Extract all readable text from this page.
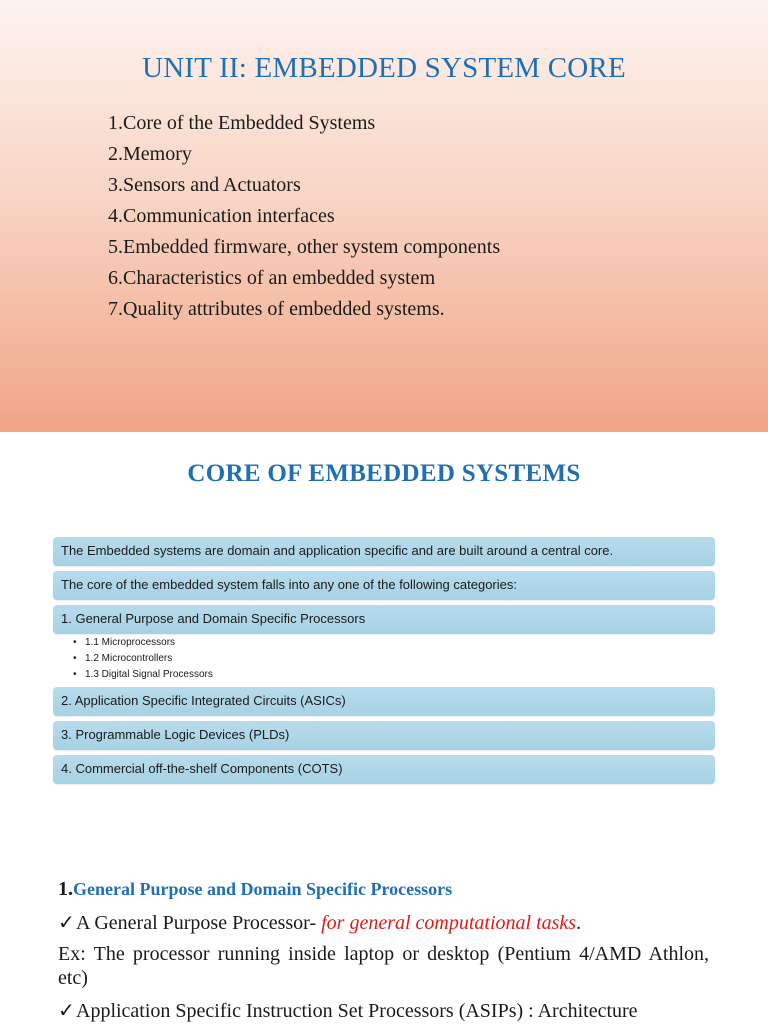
UNIT II: EMBEDDED SYSTEM CORE
1.Core of the Embedded Systems
2.Memory
3.Sensors and Actuators
4.Communication interfaces
5.Embedded firmware, other system components
6.Characteristics of an embedded system
7.Quality attributes of embedded systems.
CORE OF EMBEDDED SYSTEMS
The Embedded systems are domain and application specific and are built around a central core.
The core of the embedded system falls into any one of the following categories:
1. General Purpose and Domain Specific Processors
• 1.1 Microprocessors
• 1.2 Microcontrollers
• 1.3 Digital Signal Processors
2. Application Specific Integrated Circuits (ASICs)
3. Programmable Logic Devices (PLDs)
4. Commercial off-the-shelf Components (COTS)
1.General Purpose and Domain Specific Processors
✓A General Purpose Processor- for general computational tasks.
Ex: The processor running inside laptop or desktop (Pentium 4/AMD Athlon, etc)
✓Application Specific Instruction Set Processors (ASIPs) : Architecture
